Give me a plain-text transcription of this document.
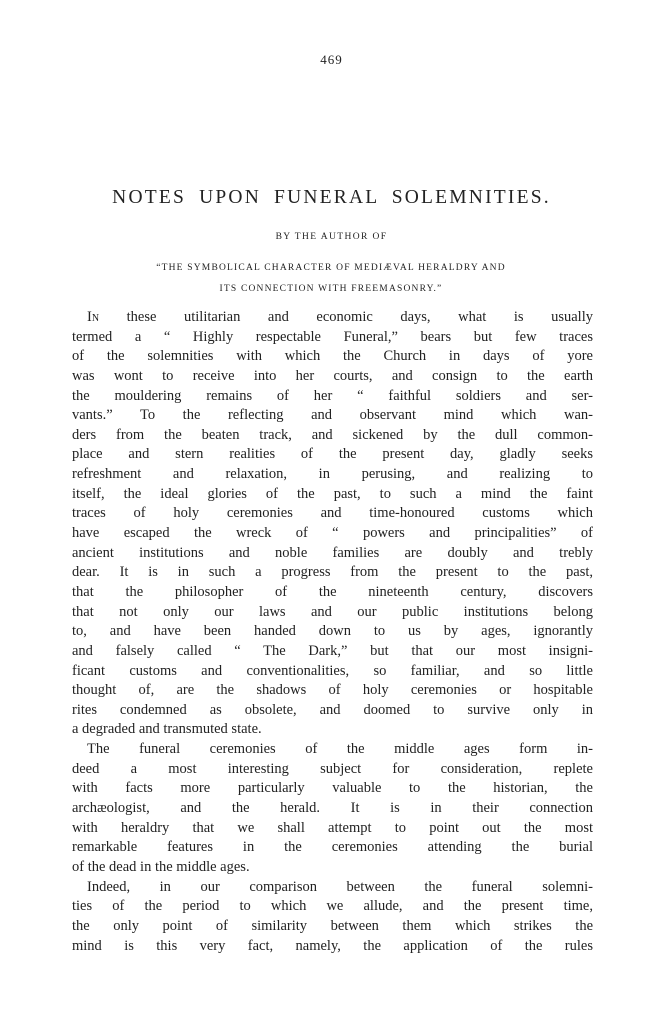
469
NOTES UPON FUNERAL SOLEMNITIES.
BY THE AUTHOR OF
“THE SYMBOLICAL CHARACTER OF MEDIÆVAL HERALDRY AND
ITS CONNECTION WITH FREEMASONRY.”
In these utilitarian and economic days, what is usually
termed a “ Highly respectable Funeral,” bears but few traces
of the solemnities with which the Church in days of yore
was wont to receive into her courts, and consign to the earth
the mouldering remains of her “ faithful soldiers and ser-
vants.” To the reflecting and observant mind which wan-
ders from the beaten track, and sickened by the dull common-
place and stern realities of the present day, gladly seeks
refreshment and relaxation, in perusing, and realizing to
itself, the ideal glories of the past, to such a mind the faint
traces of holy ceremonies and time-honoured customs which
have escaped the wreck of “ powers and principalities” of
ancient institutions and noble families are doubly and trebly
dear. It is in such a progress from the present to the past,
that the philosopher of the nineteenth century, discovers
that not only our laws and our public institutions belong
to, and have been handed down to us by ages, ignorantly
and falsely called “ The Dark,” but that our most insigni-
ficant customs and conventionalities, so familiar, and so little
thought of, are the shadows of holy ceremonies or hospitable
rites condemned as obsolete, and doomed to survive only in
a degraded and transmuted state.
The funeral ceremonies of the middle ages form in-
deed a most interesting subject for consideration, replete
with facts more particularly valuable to the historian, the
archæologist, and the herald. It is in their connection
with heraldry that we shall attempt to point out the most
remarkable features in the ceremonies attending the burial
of the dead in the middle ages.
Indeed, in our comparison between the funeral solemni-
ties of the period to which we allude, and the present time,
the only point of similarity between them which strikes the
mind is this very fact, namely, the application of the rules
